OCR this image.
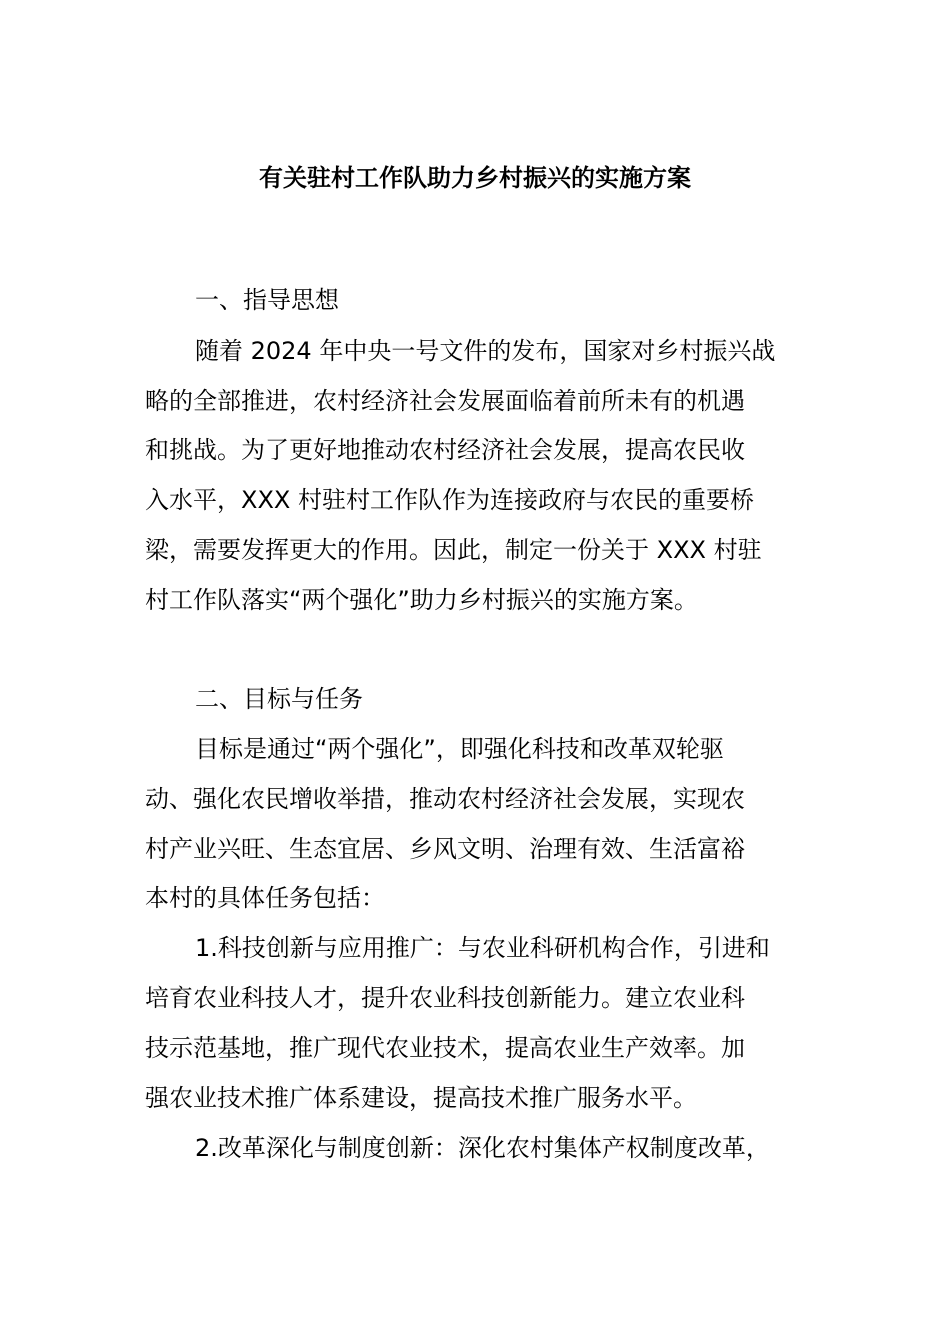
有关驻村工作队助力乡村振兴的实施方案

一、指导思想

随着 2024 年中央一号文件的发布，国家对乡村振兴战

略的全部推进，农村经济社会发展面临着前所未有的机遇

和挑战。为了更好地推动农村经济社会发展，提高农民收

入水平，XXX 村驻村工作队作为连接政府与农民的重要桥

梁，需要发挥更大的作用。因此，制定一份关于 XXX 村驻

村工作队落实“两个强化”助力乡村振兴的实施方案。

二、目标与任务

目标是通过“两个强化”，即强化科技和改革双轮驱

动、强化农民增收举措，推动农村经济社会发展，实现农

村产业兴旺、生态宜居、乡风文明、治理有效、生活富裕

本村的具体任务包括：

1.科技创新与应用推广：与农业科研机构合作，引进和

培育农业科技人才，提升农业科技创新能力。建立农业科

技示范基地，推广现代农业技术，提高农业生产效率。加

强农业技术推广体系建设，提高技术推广服务水平。

2.改革深化与制度创新：深化农村集体产权制度改革，
